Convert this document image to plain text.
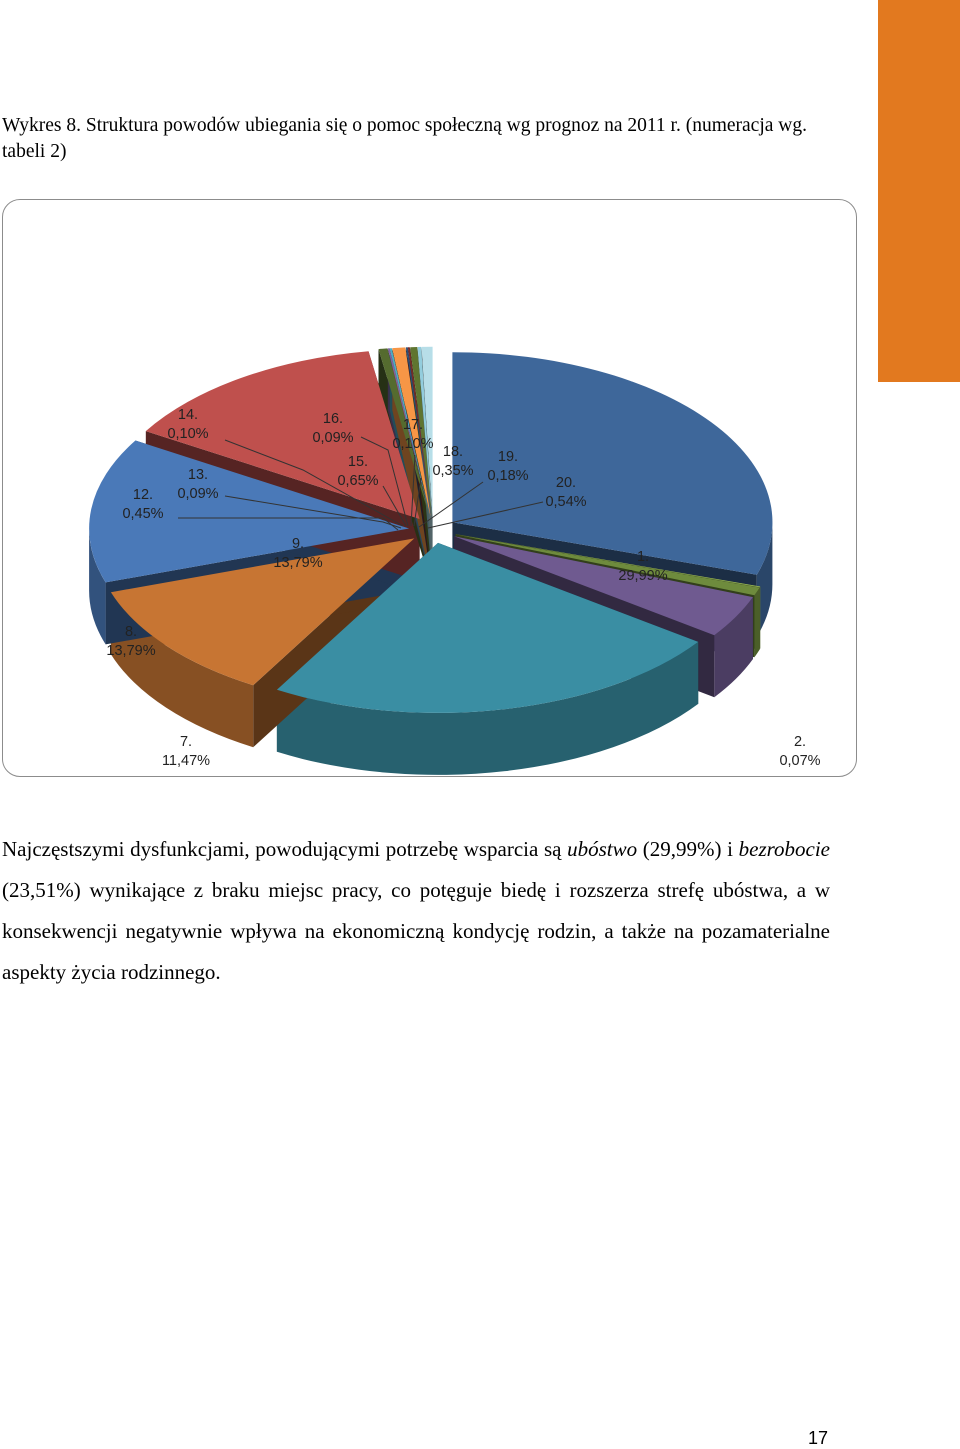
Wykres 8. Struktura powodów ubiegania się o pomoc społeczną wg prognoz na 2011 r. (numeracja wg. tabeli 2)
1. 29,99%
2. 0,07%
7. 11,47%
8. 13,79%
9. 13,79%
12. 0,45%
13. 0,09%
14. 0,10%
15. 0,65%
16. 0,09%
17. 0,10% 18. 0,35%
19. 0,18%	20. 0,54%
Najczęstszymi dysfunkcjami, powodującymi potrzebę wsparcia są ubóstwo (29,99%) i bezrobocie (23,51%) wynikające z braku miejsc pracy, co potęguje biedę i rozszerza strefę ubóstwa, a w konsekwencji negatywnie wpływa na ekonomiczną kondycję rodzin, a także na pozamaterialne aspekty życia rodzinnego.
17
